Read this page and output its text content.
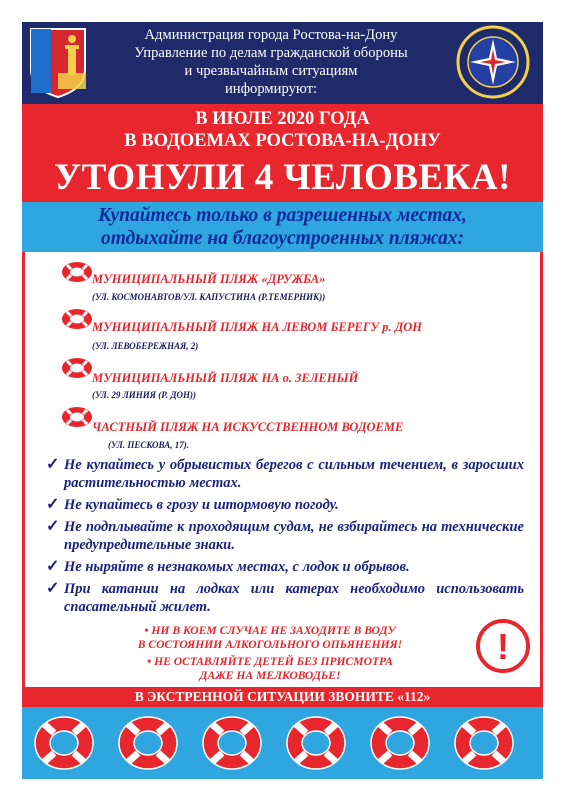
Администрация города Ростова-на-Дону
Управление по делам гражданской обороны
и чрезвычайным ситуациям
информируют:
В ИЮЛЕ 2020 ГОДА
В ВОДОЕМАХ РОСТОВА-НА-ДОНУ
УТОНУЛИ 4 ЧЕЛОВЕКА!
Купайтесь только в разрешенных местах,
отдыхайте на благоустроенных пляжах:
МУНИЦИПАЛЬНЫЙ ПЛЯЖ «ДРУЖБА»
(УЛ. КОСМОНАВТОВ/УЛ. КАПУСТИНА (Р.ТЕМЕРНИК))
МУНИЦИПАЛЬНЫЙ ПЛЯЖ НА ЛЕВОМ БЕРЕГУ р. ДОН
(УЛ. ЛЕВОБЕРЕЖНАЯ, 2)
МУНИЦИПАЛЬНЫЙ ПЛЯЖ НА о. ЗЕЛЕНЫЙ
(УЛ. 29 ЛИНИЯ (Р. ДОН))
ЧАСТНЫЙ ПЛЯЖ НА ИСКУССТВЕННОМ ВОДОЕМЕ
(УЛ. ПЕСКОВА, 17).
✓ Не купайтесь у обрывистых берегов с сильным течением, в заросших растительностью местах.
✓ Не купайтесь в грозу и штормовую погоду.
✓ Не подплывайте к проходящим судам, не взбирайтесь на технические предупредительные знаки.
✓ Не ныряйте в незнакомых местах, с лодок и обрывов.
✓ При катании на лодках или катерах необходимо использовать спасательный жилет.
• НИ В КОЕМ СЛУЧАЕ НЕ ЗАХОДИТЕ В ВОДУ
В СОСТОЯНИИ АЛКОГОЛЬНОГО ОПЬЯНЕНИЯ!
• НЕ ОСТАВЛЯЙТЕ ДЕТЕЙ БЕЗ ПРИСМОТРА
ДАЖЕ НА МЕЛКОВОДЬЕ!
!
В ЭКСТРЕННОЙ СИТУАЦИИ ЗВОНИТЕ «112»
